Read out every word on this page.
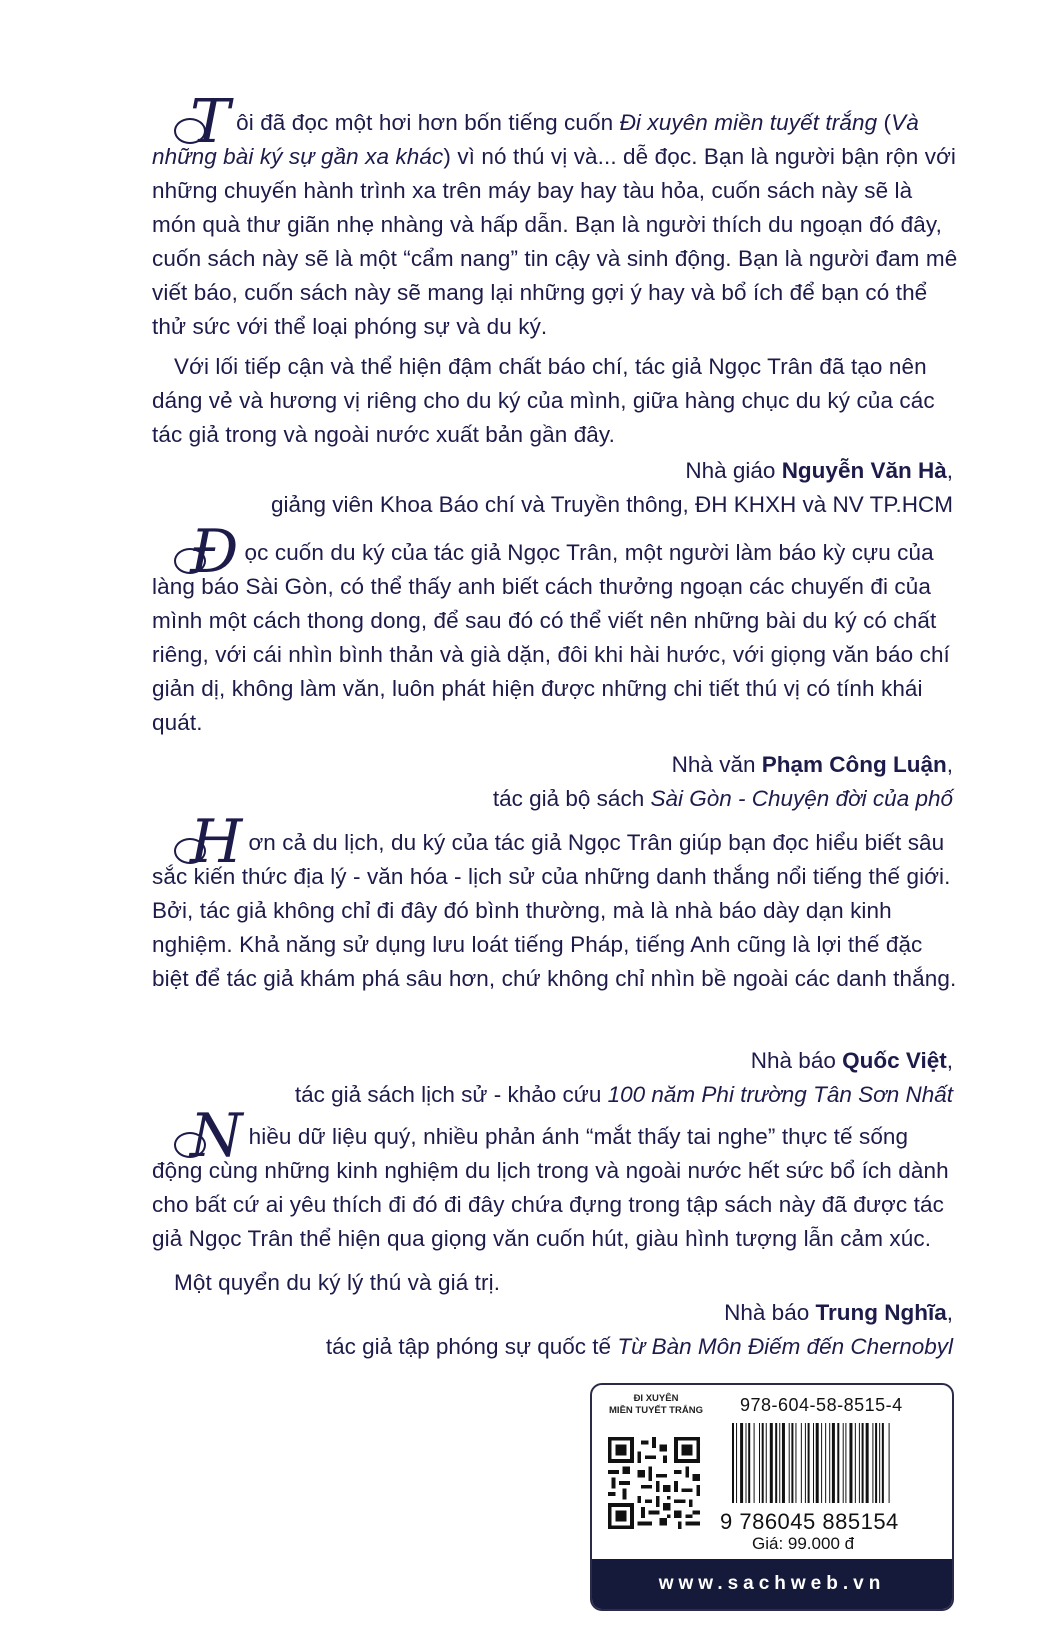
Tôi đã đọc một hơi hơn bốn tiếng cuốn Đi xuyên miền tuyết trắng (Và những bài ký sự gần xa khác) vì nó thú vị và... dễ đọc. Bạn là người bận rộn với những chuyến hành trình xa trên máy bay hay tàu hỏa, cuốn sách này sẽ là món quà thư giãn nhẹ nhàng và hấp dẫn. Bạn là người thích du ngoạn đó đây, cuốn sách này sẽ là một “cẩm nang” tin cậy và sinh động. Bạn là người đam mê viết báo, cuốn sách này sẽ mang lại những gợi ý hay và bổ ích để bạn có thể thử sức với thể loại phóng sự và du ký.

Với lối tiếp cận và thể hiện đậm chất báo chí, tác giả Ngọc Trân đã tạo nên dáng vẻ và hương vị riêng cho du ký của mình, giữa hàng chục du ký của các tác giả trong và ngoài nước xuất bản gần đây.

Nhà giáo Nguyễn Văn Hà,
giảng viên Khoa Báo chí và Truyền thông, ĐH KHXH và NV TP.HCM

Đọc cuốn du ký của tác giả Ngọc Trân, một người làm báo kỳ cựu của làng báo Sài Gòn, có thể thấy anh biết cách thưởng ngoạn các chuyến đi của mình một cách thong dong, để sau đó có thể viết nên những bài du ký có chất riêng, với cái nhìn bình thản và già dặn, đôi khi hài hước, với giọng văn báo chí giản dị, không làm văn, luôn phát hiện được những chi tiết thú vị có tính khái quát.

Nhà văn Phạm Công Luận,
tác giả bộ sách Sài Gòn - Chuyện đời của phố

Hơn cả du lịch, du ký của tác giả Ngọc Trân giúp bạn đọc hiểu biết sâu sắc kiến thức địa lý - văn hóa - lịch sử của những danh thắng nổi tiếng thế giới. Bởi, tác giả không chỉ đi đây đó bình thường, mà là nhà báo dày dạn kinh nghiệm. Khả năng sử dụng lưu loát tiếng Pháp, tiếng Anh cũng là lợi thế đặc biệt để tác giả khám phá sâu hơn, chứ không chỉ nhìn bề ngoài các danh thắng.

Nhà báo Quốc Việt,
tác giả sách lịch sử - khảo cứu 100 năm Phi trường Tân Sơn Nhất

Nhiều dữ liệu quý, nhiều phản ánh “mắt thấy tai nghe” thực tế sống động cùng những kinh nghiệm du lịch trong và ngoài nước hết sức bổ ích dành cho bất cứ ai yêu thích đi đó đi đây chứa đựng trong tập sách này đã được tác giả Ngọc Trân thể hiện qua giọng văn cuốn hút, giàu hình tượng lẫn cảm xúc.

Một quyển du ký lý thú và giá trị.

Nhà báo Trung Nghĩa,
tác giả tập phóng sự quốc tế Từ Bàn Môn Điếm đến Chernobyl
ĐI XUYÊN
MIỀN TUYẾT TRẮNG	978-604-58-8515-4
9 786045 885154
Giá: 99.000 đ
www.sachweb.vn
